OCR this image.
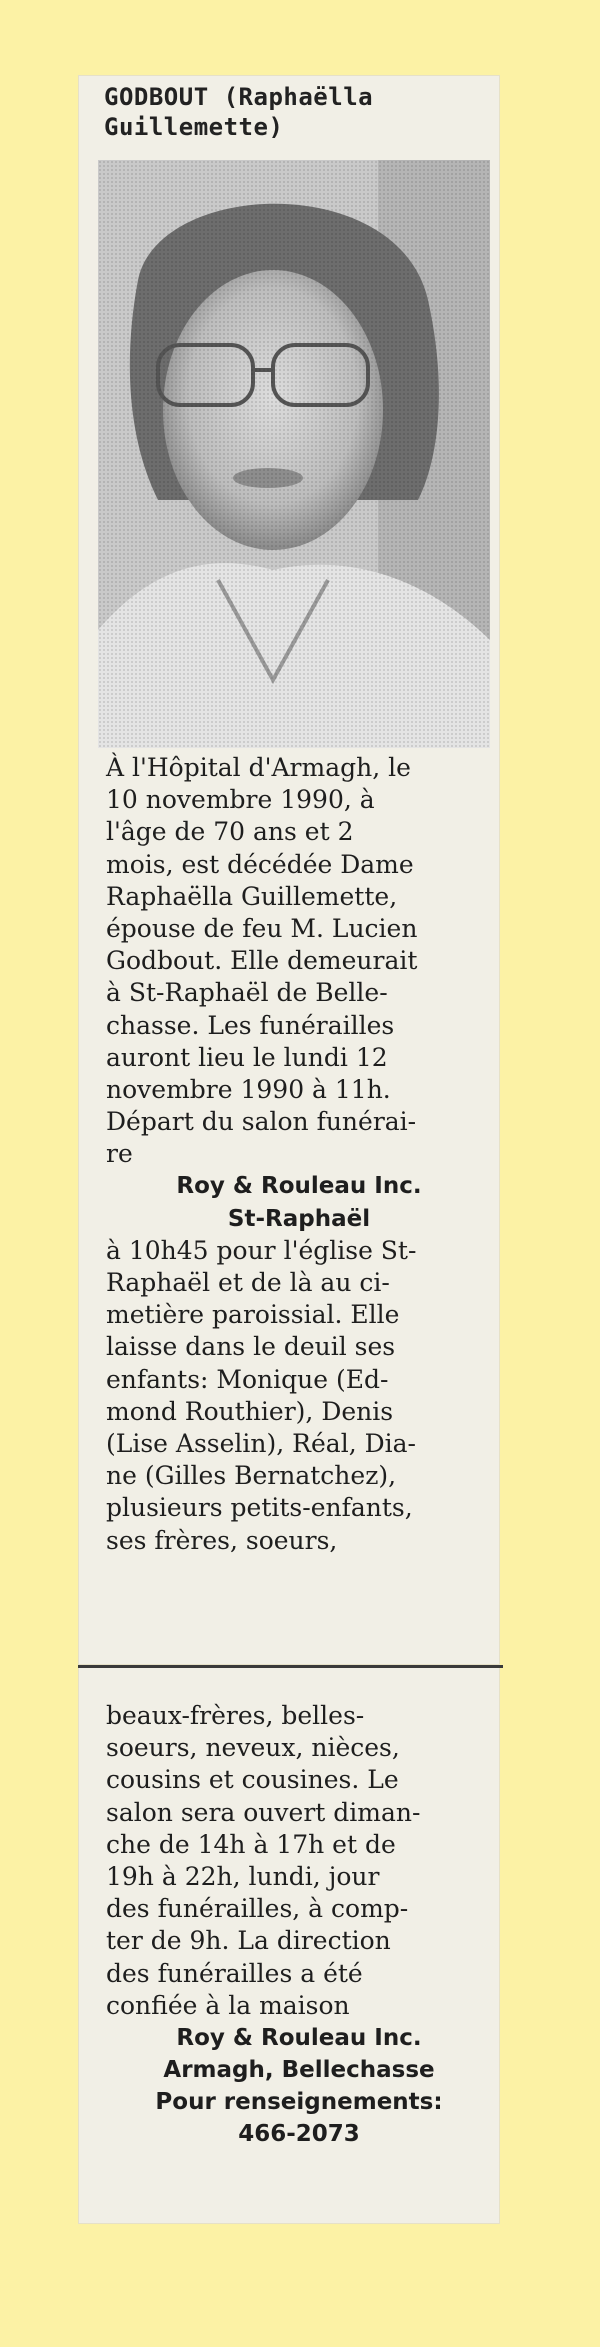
GODBOUT (Raphaëlla
Guillemette)
À l'Hôpital d'Armagh, le
10 novembre 1990, à
l'âge de 70 ans et 2
mois, est décédée Dame
Raphaëlla Guillemette,
épouse de feu M. Lucien
Godbout. Elle demeurait
à St-Raphaël de Belle-
chasse. Les funérailles
auront lieu le lundi 12
novembre 1990 à 11h.
Départ du salon funérai-
re
Roy & Rouleau Inc.
St-Raphaël
à 10h45 pour l'église St-
Raphaël et de là au ci-
metière paroissial. Elle
laisse dans le deuil ses
enfants: Monique (Ed-
mond Routhier), Denis
(Lise Asselin), Réal, Dia-
ne (Gilles Bernatchez),
plusieurs petits-enfants,
ses frères, soeurs,
beaux-frères, belles-
soeurs, neveux, nièces,
cousins et cousines. Le
salon sera ouvert diman-
che de 14h à 17h et de
19h à 22h, lundi, jour
des funérailles, à comp-
ter de 9h. La direction
des funérailles a été
confiée à la maison
Roy & Rouleau Inc.
Armagh, Bellechasse
Pour renseignements:
466-2073
